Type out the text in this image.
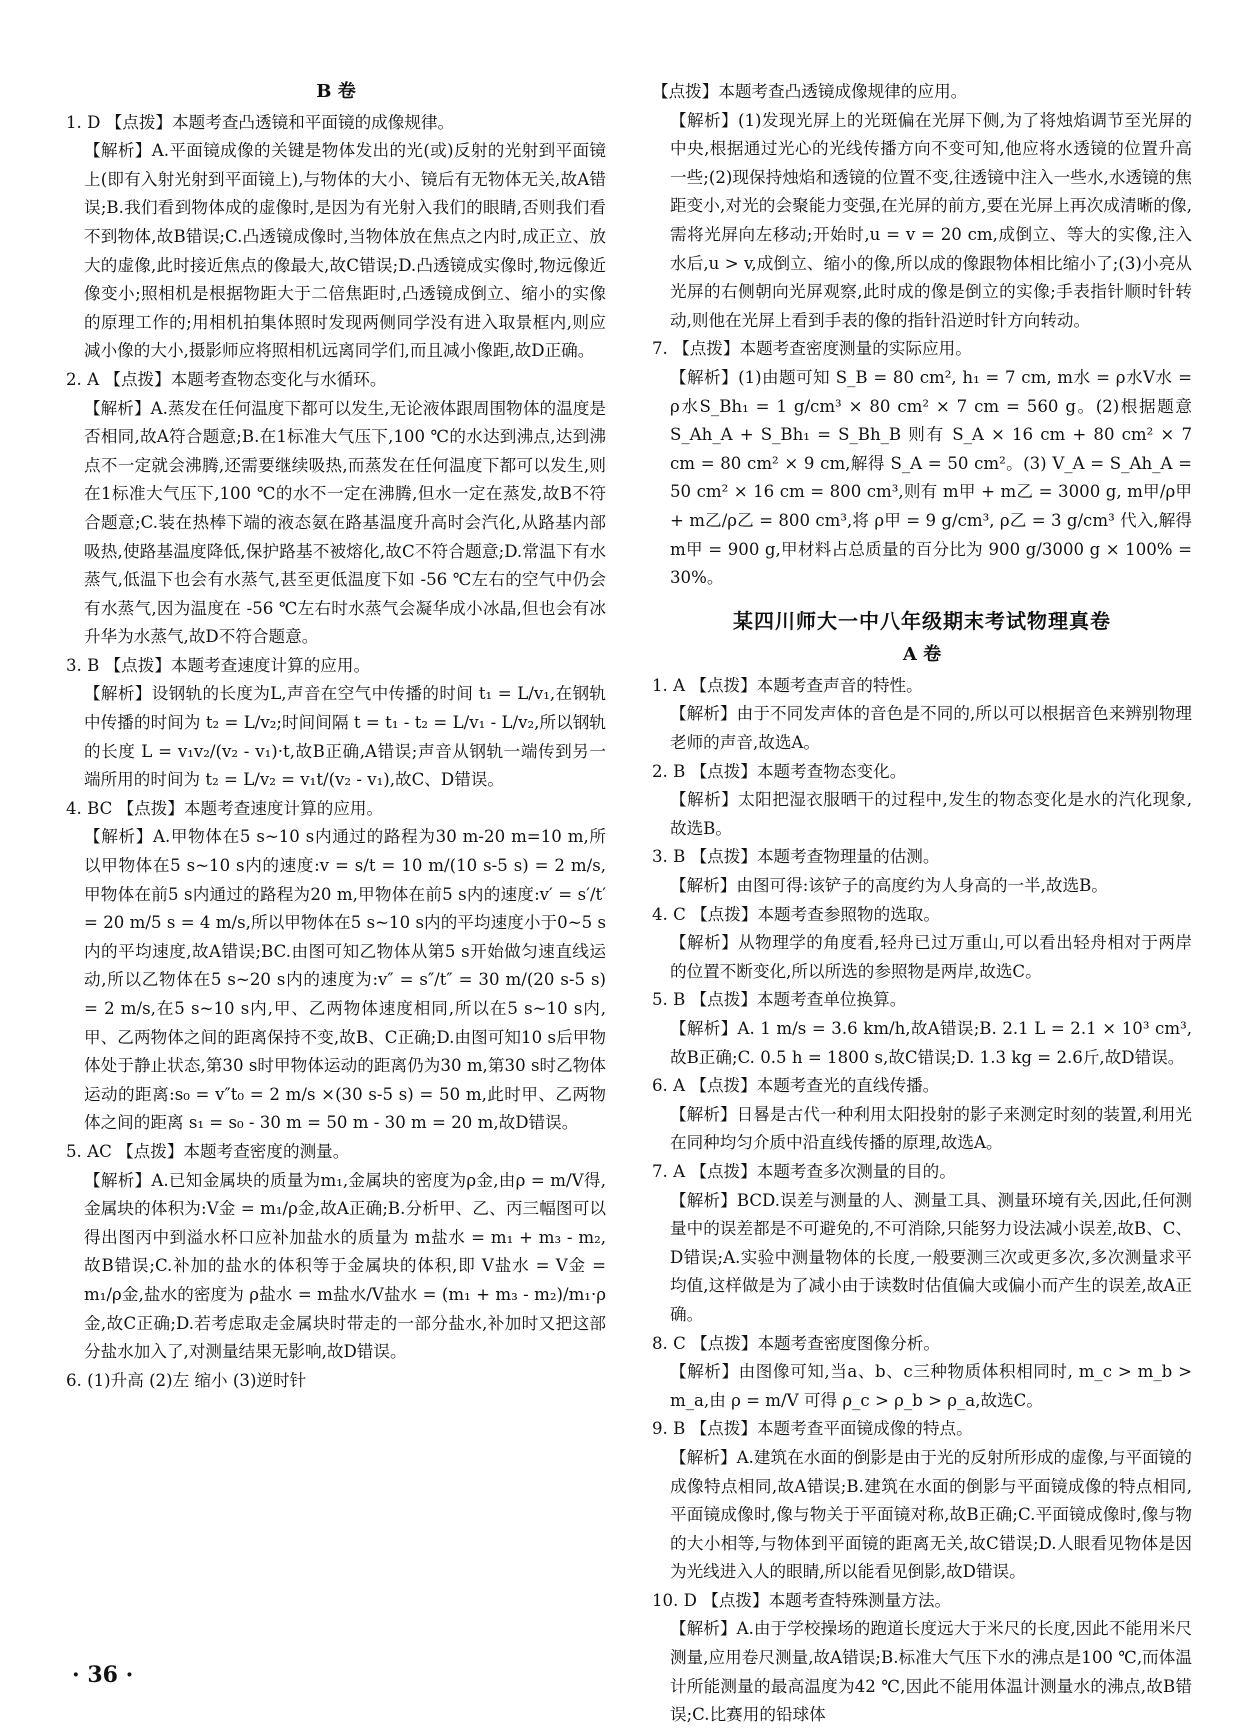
B 卷
1. D 【点拨】本题考查凸透镜和平面镜的成像规律。
【解析】A.平面镜成像的关键是物体发出的光(或)反射的光射到平面镜上(即有入射光射到平面镜上),与物体的大小、镜后有无物体无关,故A错误;B.我们看到物体成的虚像时,是因为有光射入我们的眼睛,否则我们看不到物体,故B错误;C.凸透镜成像时,当物体放在焦点之内时,成正立、放大的虚像,此时接近焦点的像最大,故C错误;D.凸透镜成实像时,物远像近像变小;照相机是根据物距大于二倍焦距时,凸透镜成倒立、缩小的实像的原理工作的;用相机拍集体照时发现两侧同学没有进入取景框内,则应减小像的大小,摄影师应将照相机远离同学们,而且减小像距,故D正确。
2. A 【点拨】本题考查物态变化与水循环。
【解析】A.蒸发在任何温度下都可以发生,无论液体跟周围物体的温度是否相同,故A符合题意;B.在1标准大气压下,100 ℃的水达到沸点,达到沸点不一定就会沸腾,还需要继续吸热,而蒸发在任何温度下都可以发生,则在1标准大气压下,100 ℃的水不一定在沸腾,但水一定在蒸发,故B不符合题意;C.装在热棒下端的液态氨在路基温度升高时会汽化,从路基内部吸热,使路基温度降低,保护路基不被熔化,故C不符合题意;D.常温下有水蒸气,低温下也会有水蒸气,甚至更低温度下如 -56 ℃左右的空气中仍会有水蒸气,因为温度在 -56 ℃左右时水蒸气会凝华成小冰晶,但也会有冰升华为水蒸气,故D不符合题意。
3. B 【点拨】本题考查速度计算的应用。
【解析】设钢轨的长度为L,声音在空气中传播的时间 t₁ = L/v₁,在钢轨中传播的时间为 t₂ = L/v₂;时间间隔 t = t₁ - t₂ = L/v₁ - L/v₂,所以钢轨的长度 L = v₁v₂/(v₂ - v₁)·t,故B正确,A错误;声音从钢轨一端传到另一端所用的时间为 t₂ = L/v₂ = v₁t/(v₂ - v₁),故C、D错误。
4. BC 【点拨】本题考查速度计算的应用。
【解析】A.甲物体在5 s~10 s内通过的路程为30 m-20 m=10 m,所以甲物体在5 s~10 s内的速度:v = s/t = 10 m/(10 s-5 s) = 2 m/s,甲物体在前5 s内通过的路程为20 m,甲物体在前5 s内的速度:v′ = s′/t′ = 20 m/5 s = 4 m/s,所以甲物体在5 s~10 s内的平均速度小于0~5 s内的平均速度,故A错误;BC.由图可知乙物体从第5 s开始做匀速直线运动,所以乙物体在5 s~20 s内的速度为:v″ = s″/t″ = 30 m/(20 s-5 s) = 2 m/s,在5 s~10 s内,甲、乙两物体速度相同,所以在5 s~10 s内,甲、乙两物体之间的距离保持不变,故B、C正确;D.由图可知10 s后甲物体处于静止状态,第30 s时甲物体运动的距离仍为30 m,第30 s时乙物体运动的距离:s₀ = v″t₀ = 2 m/s ×(30 s-5 s) = 50 m,此时甲、乙两物体之间的距离 s₁ = s₀ - 30 m = 50 m - 30 m = 20 m,故D错误。
5. AC 【点拨】本题考查密度的测量。
【解析】A.已知金属块的质量为m₁,金属块的密度为ρ金,由ρ = m/V得,金属块的体积为:V金 = m₁/ρ金,故A正确;B.分析甲、乙、丙三幅图可以得出图丙中到溢水杯口应补加盐水的质量为 m盐水 = m₁ + m₃ - m₂,故B错误;C.补加的盐水的体积等于金属块的体积,即 V盐水 = V金 = m₁/ρ金,盐水的密度为 ρ盐水 = m盐水/V盐水 = (m₁ + m₃ - m₂)/m₁·ρ金,故C正确;D.若考虑取走金属块时带走的一部分盐水,补加时又把这部分盐水加入了,对测量结果无影响,故D错误。
6. (1)升高 (2)左 缩小 (3)逆时针
【点拨】本题考查凸透镜成像规律的应用。
【解析】(1)发现光屏上的光斑偏在光屏下侧,为了将烛焰调节至光屏的中央,根据通过光心的光线传播方向不变可知,他应将水透镜的位置升高一些;(2)现保持烛焰和透镜的位置不变,往透镜中注入一些水,水透镜的焦距变小,对光的会聚能力变强,在光屏的前方,要在光屏上再次成清晰的像,需将光屏向左移动;开始时,u = v = 20 cm,成倒立、等大的实像,注入水后,u > v,成倒立、缩小的像,所以成的像跟物体相比缩小了;(3)小亮从光屏的右侧朝向光屏观察,此时成的像是倒立的实像;手表指针顺时针转动,则他在光屏上看到手表的像的指针沿逆时针方向转动。
7. 【点拨】本题考查密度测量的实际应用。
【解析】(1)由题可知 S_B = 80 cm², h₁ = 7 cm, m水 = ρ水V水 = ρ水S_Bh₁ = 1 g/cm³ × 80 cm² × 7 cm = 560 g。(2)根据题意 S_Ah_A + S_Bh₁ = S_Bh_B 则有 S_A × 16 cm + 80 cm² × 7 cm = 80 cm² × 9 cm,解得 S_A = 50 cm²。(3) V_A = S_Ah_A = 50 cm² × 16 cm = 800 cm³,则有 m甲 + m乙 = 3000 g, m甲/ρ甲 + m乙/ρ乙 = 800 cm³,将 ρ甲 = 9 g/cm³, ρ乙 = 3 g/cm³ 代入,解得 m甲 = 900 g,甲材料占总质量的百分比为 900 g/3000 g × 100% = 30%。
某四川师大一中八年级期末考试物理真卷
A 卷
1. A 【点拨】本题考查声音的特性。
【解析】由于不同发声体的音色是不同的,所以可以根据音色来辨别物理老师的声音,故选A。
2. B 【点拨】本题考查物态变化。
【解析】太阳把湿衣服晒干的过程中,发生的物态变化是水的汽化现象,故选B。
3. B 【点拨】本题考查物理量的估测。
【解析】由图可得:该铲子的高度约为人身高的一半,故选B。
4. C 【点拨】本题考查参照物的选取。
【解析】从物理学的角度看,轻舟已过万重山,可以看出轻舟相对于两岸的位置不断变化,所以所选的参照物是两岸,故选C。
5. B 【点拨】本题考查单位换算。
【解析】A. 1 m/s = 3.6 km/h,故A错误;B. 2.1 L = 2.1 × 10³ cm³,故B正确;C. 0.5 h = 1800 s,故C错误;D. 1.3 kg = 2.6斤,故D错误。
6. A 【点拨】本题考查光的直线传播。
【解析】日晷是古代一种利用太阳投射的影子来测定时刻的装置,利用光在同种均匀介质中沿直线传播的原理,故选A。
7. A 【点拨】本题考查多次测量的目的。
【解析】BCD.误差与测量的人、测量工具、测量环境有关,因此,任何测量中的误差都是不可避免的,不可消除,只能努力设法减小误差,故B、C、D错误;A.实验中测量物体的长度,一般要测三次或更多次,多次测量求平均值,这样做是为了减小由于读数时估值偏大或偏小而产生的误差,故A正确。
8. C 【点拨】本题考查密度图像分析。
【解析】由图像可知,当a、b、c三种物质体积相同时, m_c > m_b > m_a,由 ρ = m/V 可得 ρ_c > ρ_b > ρ_a,故选C。
9. B 【点拨】本题考查平面镜成像的特点。
【解析】A.建筑在水面的倒影是由于光的反射所形成的虚像,与平面镜的成像特点相同,故A错误;B.建筑在水面的倒影与平面镜成像的特点相同,平面镜成像时,像与物关于平面镜对称,故B正确;C.平面镜成像时,像与物的大小相等,与物体到平面镜的距离无关,故C错误;D.人眼看见物体是因为光线进入人的眼睛,所以能看见倒影,故D错误。
10. D 【点拨】本题考查特殊测量方法。
【解析】A.由于学校操场的跑道长度远大于米尺的长度,因此不能用米尺测量,应用卷尺测量,故A错误;B.标准大气压下水的沸点是100 ℃,而体温计所能测量的最高温度为42 ℃,因此不能用体温计测量水的沸点,故B错误;C.比赛用的铅球体
· 36 ·
